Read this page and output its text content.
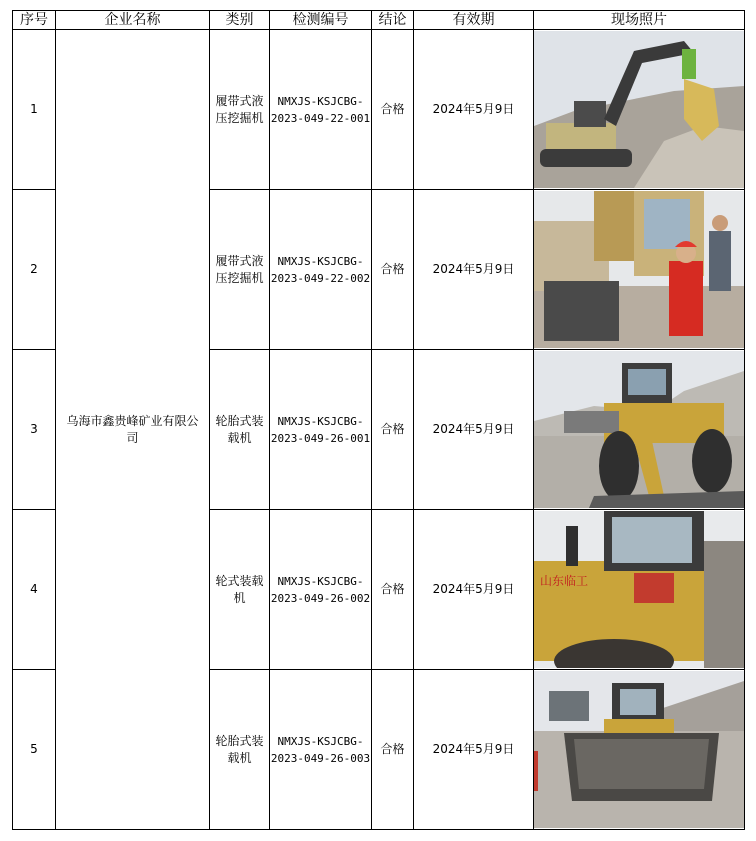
序号	企业名称	类别	检测编号	结论	有效期	现场照片
1	乌海市鑫贵峰矿业有限公司	履带式液压挖掘机	NMXJS-KSJCBG-2023-049-22-001	合格	2024年5月9日	

2		履带式液压挖掘机	NMXJS-KSJCBG-2023-049-22-002	合格	2024年5月9日	

3		轮胎式装载机	NMXJS-KSJCBG-2023-049-26-001	合格	2024年5月9日	

4		轮式装载机	NMXJS-KSJCBG-2023-049-26-002	合格	2024年5月9日	山东临工

5		轮胎式装载机	NMXJS-KSJCBG-2023-049-26-003	合格	2024年5月9日	
